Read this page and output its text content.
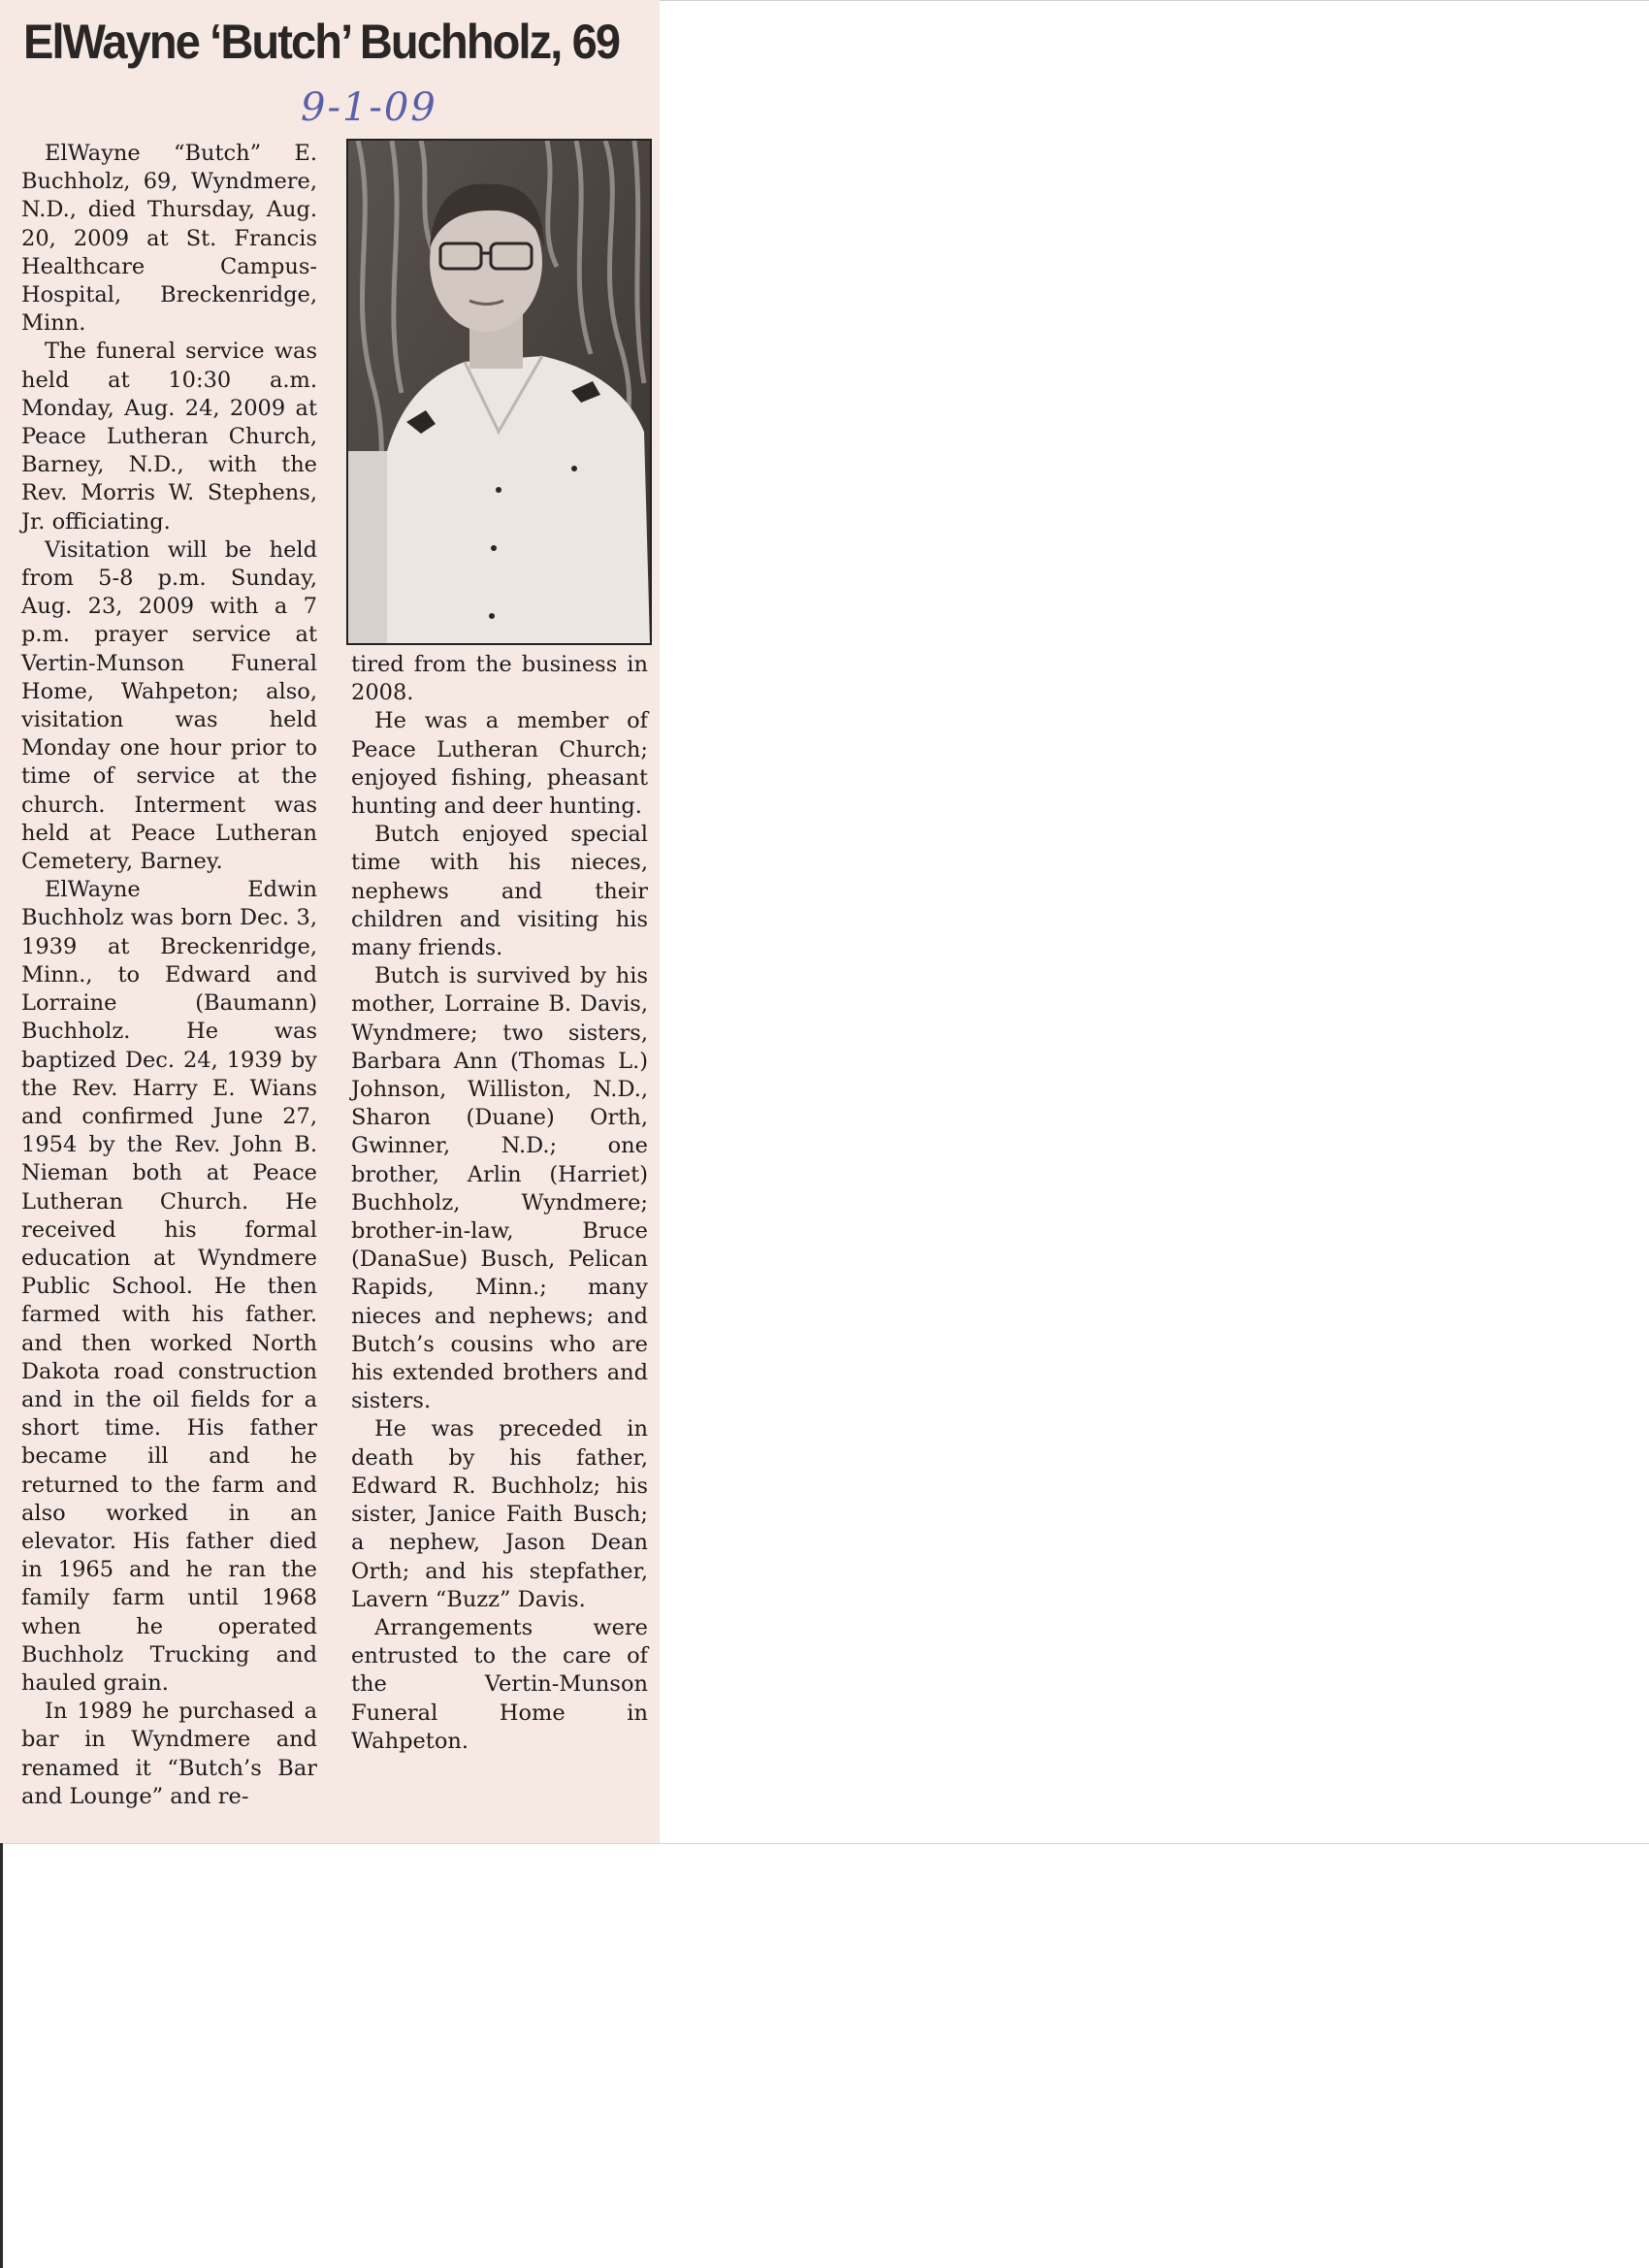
ElWayne ‘Butch’ Buchholz, 69
9-1-09

ElWayne “Butch” E. Buchholz, 69, Wyndmere, N.D., died Thursday, Aug. 20, 2009 at St. Francis Healthcare Campus-Hospital, Breckenridge, Minn.

The funeral service was held at 10:30 a.m. Monday, Aug. 24, 2009 at Peace Lutheran Church, Barney, N.D., with the Rev. Morris W. Stephens, Jr. officiating.

Visitation will be held from 5-8 p.m. Sunday, Aug. 23, 2009 with a 7 p.m. prayer service at Vertin-Munson Funeral Home, Wahpeton; also, visitation was held Monday one hour prior to time of service at the church. Interment was held at Peace Lutheran Cemetery, Barney.

ElWayne Edwin Buchholz was born Dec. 3, 1939 at Breckenridge, Minn., to Edward and Lorraine (Baumann) Buchholz. He was baptized Dec. 24, 1939 by the Rev. Harry E. Wians and confirmed June 27, 1954 by the Rev. John B. Nieman both at Peace Lutheran Church. He received his formal education at Wyndmere Public School. He then farmed with his father. and then worked North Dakota road construction and in the oil fields for a short time. His father became ill and he returned to the farm and also worked in an elevator. His father died in 1965 and he ran the family farm until 1968 when he operated Buchholz Trucking and hauled grain.

In 1989 he purchased a bar in Wyndmere and renamed it “Butch’s Bar and Lounge” and re-

tired from the business in 2008.

He was a member of Peace Lutheran Church; enjoyed fishing, pheasant hunting and deer hunting.

Butch enjoyed special time with his nieces, nephews and their children and visiting his many friends.

Butch is survived by his mother, Lorraine B. Davis, Wyndmere; two sisters, Barbara Ann (Thomas L.) Johnson, Williston, N.D., Sharon (Duane) Orth, Gwinner, N.D.; one brother, Arlin (Harriet) Buchholz, Wyndmere; brother-in-law, Bruce (DanaSue) Busch, Pelican Rapids, Minn.; many nieces and nephews; and Butch’s cousins who are his extended brothers and sisters.

He was preceded in death by his father, Edward R. Buchholz; his sister, Janice Faith Busch; a nephew, Jason Dean Orth; and his stepfather, Lavern “Buzz” Davis.

Arrangements were entrusted to the care of the Vertin-Munson Funeral Home in Wahpeton.
